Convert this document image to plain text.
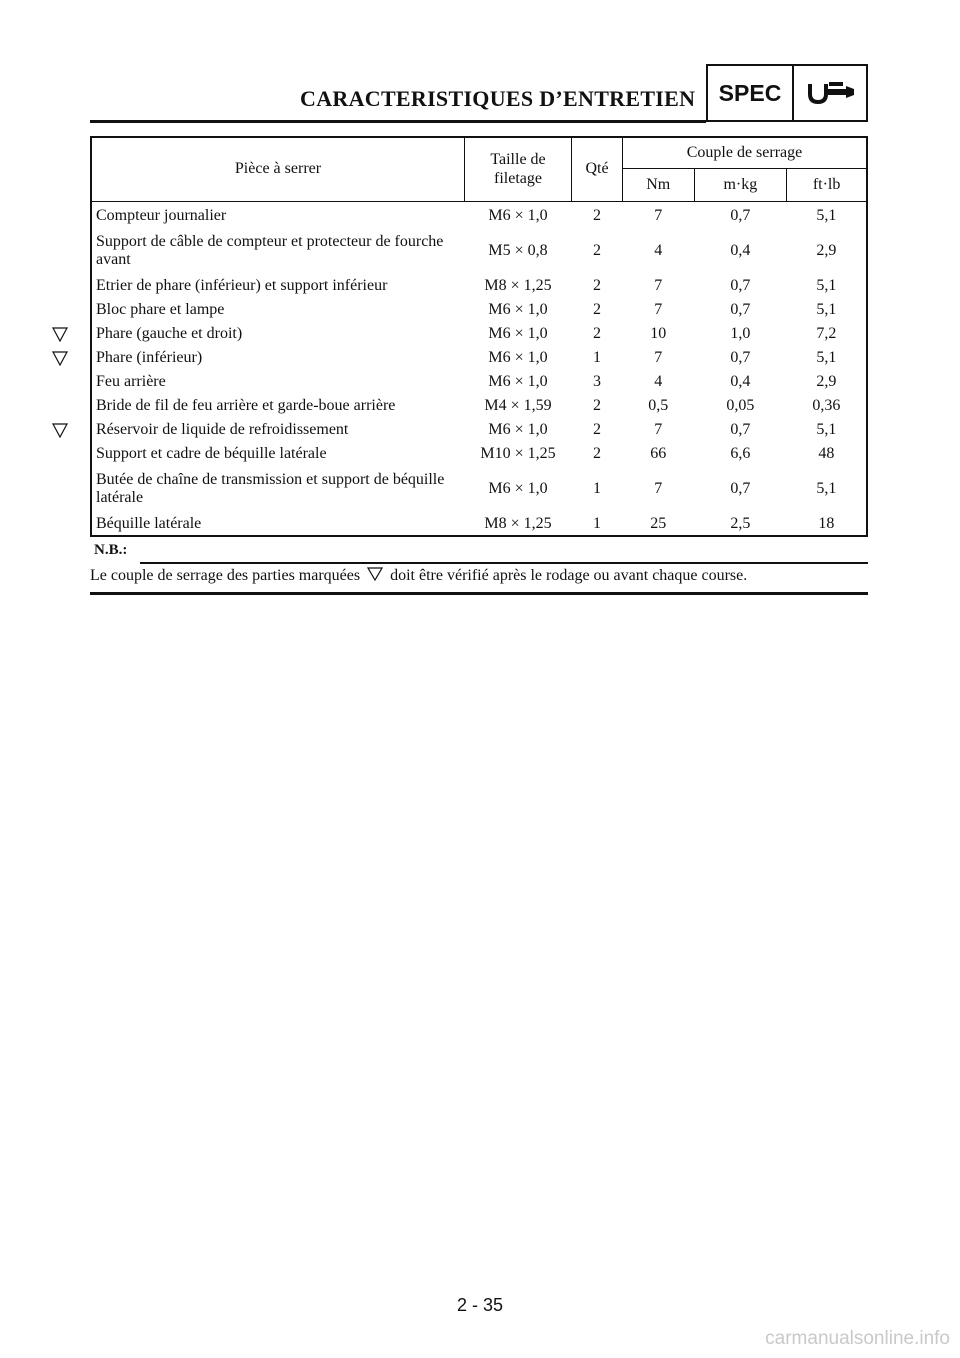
CARACTERISTIQUES D’ENTRETIEN	SPEC
Pièce à serrer	Taille de filetage	Qté	Couple de serrage		
			Nm	m·kg	ft·lb
Compteur journalier	M6 × 1,0	2	7	0,7	5,1
Support de câble de compteur et protecteur de fourche avant	M5 × 0,8	2	4	0,4	2,9
Etrier de phare (inférieur) et support inférieur	M8 × 1,25	2	7	0,7	5,1
Bloc phare et lampe	M6 × 1,0	2	7	0,7	5,1
Phare (gauche et droit)	M6 × 1,0	2	10	1,0	7,2
Phare (inférieur)	M6 × 1,0	1	7	0,7	5,1
Feu arrière	M6 × 1,0	3	4	0,4	2,9
Bride de fil de feu arrière et garde-boue arrière	M4 × 1,59	2	0,5	0,05	0,36
Réservoir de liquide de refroidissement	M6 × 1,0	2	7	0,7	5,1
Support et cadre de béquille latérale	M10 × 1,25	2	66	6,6	48
Butée de chaîne de transmission et support de béquille latérale	M6 × 1,0	1	7	0,7	5,1
Béquille latérale	M8 × 1,25	1	25	2,5	18
N.B.:
Le couple de serrage des parties marquées doit être vérifié après le rodage ou avant chaque course.
2 - 35
carmanualsonline.info
